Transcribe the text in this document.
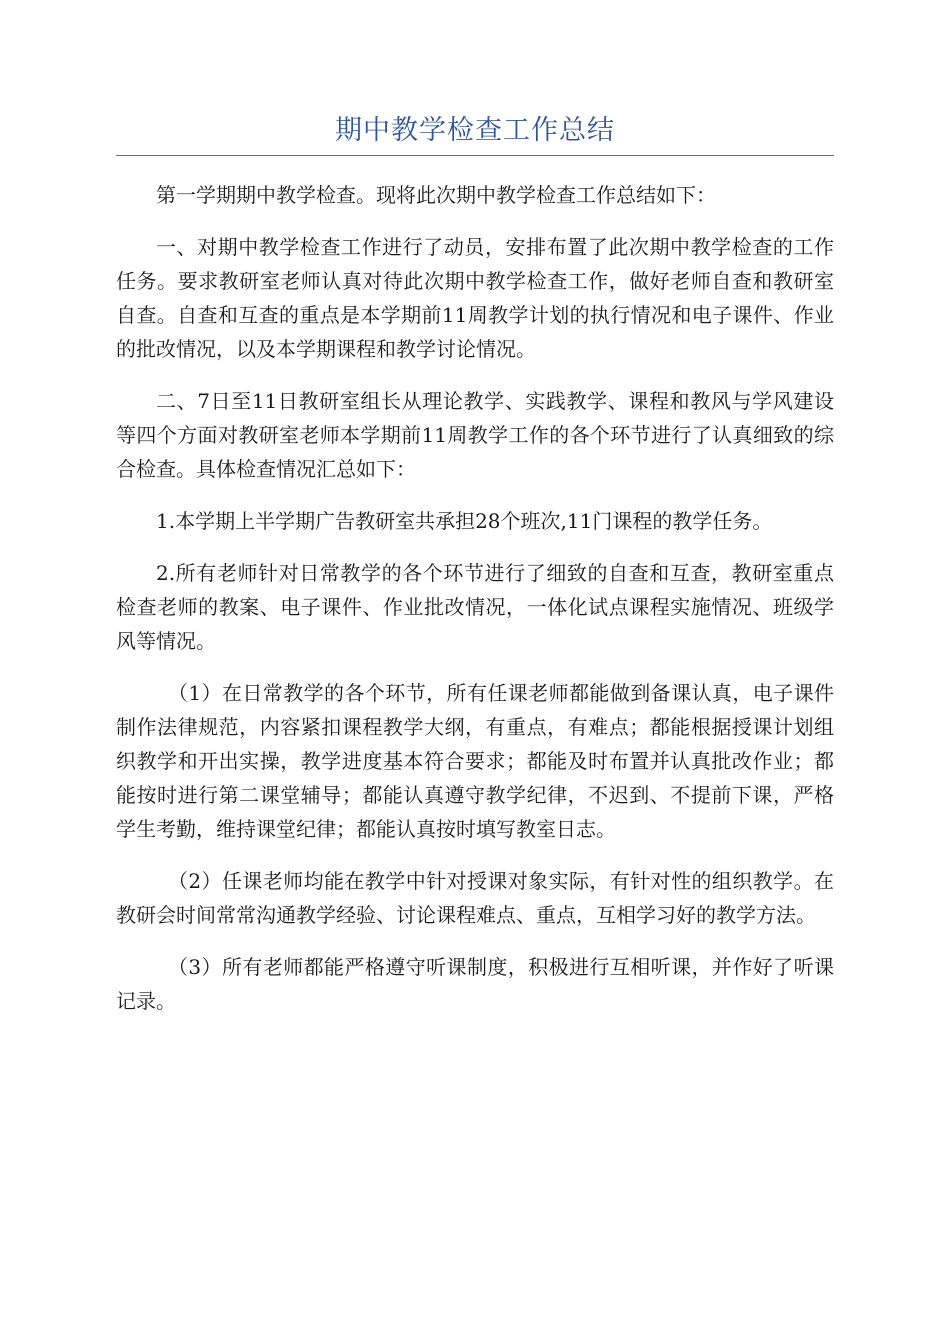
期中教学检查工作总结

第一学期期中教学检查。现将此次期中教学检查工作总结如下：

一、对期中教学检查工作进行了动员，安排布置了此次期中教学检查的工作任务。要求教研室老师认真对待此次期中教学检查工作，做好老师自查和教研室自查。自查和互查的重点是本学期前11周教学计划的执行情况和电子课件、作业的批改情况，以及本学期课程和教学讨论情况。

二、7日至11日教研室组长从理论教学、实践教学、课程和教风与学风建设等四个方面对教研室老师本学期前11周教学工作的各个环节进行了认真细致的综合检查。具体检查情况汇总如下：

1.本学期上半学期广告教研室共承担28个班次,11门课程的教学任务。

2.所有老师针对日常教学的各个环节进行了细致的自查和互查，教研室重点检查老师的教案、电子课件、作业批改情况，一体化试点课程实施情况、班级学风等情况。

（1）在日常教学的各个环节，所有任课老师都能做到备课认真，电子课件制作法律规范，内容紧扣课程教学大纲，有重点，有难点；都能根据授课计划组织教学和开出实操，教学进度基本符合要求；都能及时布置并认真批改作业；都能按时进行第二课堂辅导；都能认真遵守教学纪律，不迟到、不提前下课，严格学生考勤，维持课堂纪律；都能认真按时填写教室日志。

（2）任课老师均能在教学中针对授课对象实际，有针对性的组织教学。在教研会时间常常沟通教学经验、讨论课程难点、重点，互相学习好的教学方法。

（3）所有老师都能严格遵守听课制度，积极进行互相听课，并作好了听课记录。
